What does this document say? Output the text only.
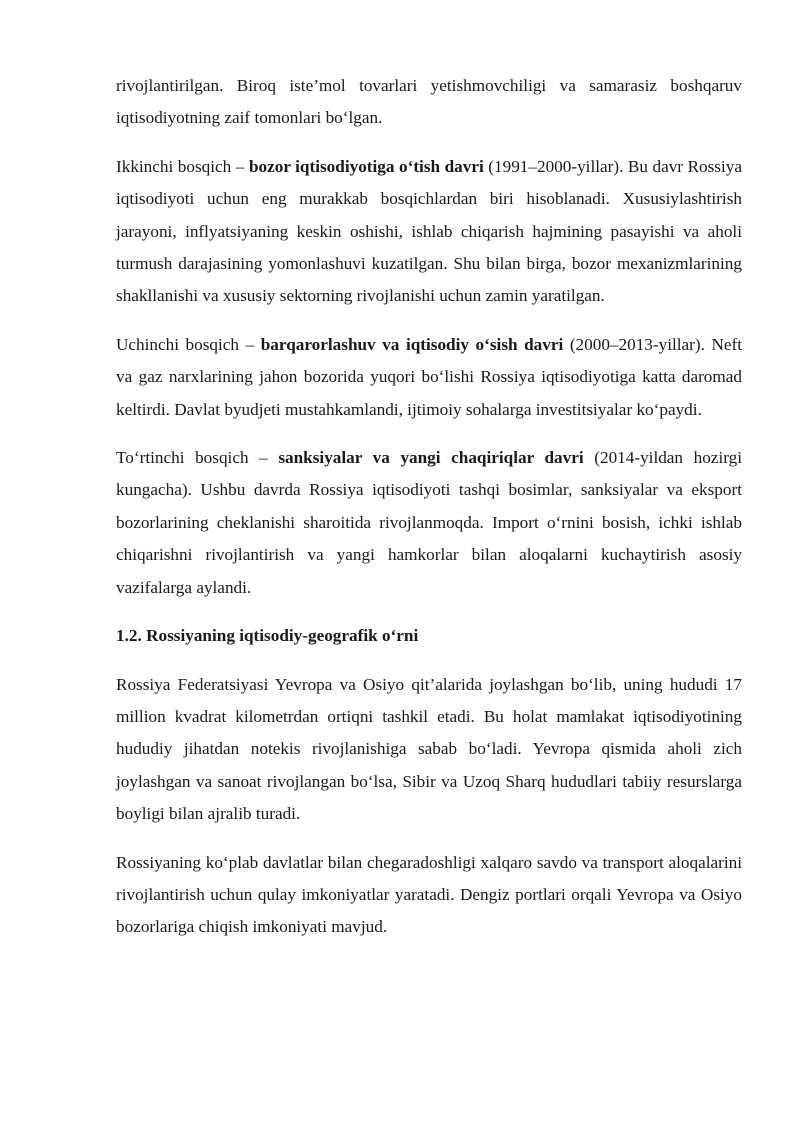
rivojlantirilgan. Biroq iste’mol tovarlari yetishmovchiligi va samarasiz boshqaruv iqtisodiyotning zaif tomonlari bo‘lgan.

Ikkinchi bosqich – bozor iqtisodiyotiga o‘tish davri (1991–2000-yillar). Bu davr Rossiya iqtisodiyoti uchun eng murakkab bosqichlardan biri hisoblanadi. Xususiylashtirish jarayoni, inflyatsiyaning keskin oshishi, ishlab chiqarish hajmining pasayishi va aholi turmush darajasining yomonlashuvi kuzatilgan. Shu bilan birga, bozor mexanizmlarining shakllanishi va xususiy sektorning rivojlanishi uchun zamin yaratilgan.

Uchinchi bosqich – barqarorlashuv va iqtisodiy o‘sish davri (2000–2013-yillar). Neft va gaz narxlarining jahon bozorida yuqori bo‘lishi Rossiya iqtisodiyotiga katta daromad keltirdi. Davlat byudjeti mustahkamlandi, ijtimoiy sohalarga investitsiyalar ko‘paydi.

To‘rtinchi bosqich – sanksiyalar va yangi chaqiriqlar davri (2014-yildan hozirgi kungacha). Ushbu davrda Rossiya iqtisodiyoti tashqi bosimlar, sanksiyalar va eksport bozorlarining cheklanishi sharoitida rivojlanmoqda. Import o‘rnini bosish, ichki ishlab chiqarishni rivojlantirish va yangi hamkorlar bilan aloqalarni kuchaytirish asosiy vazifalarga aylandi.

1.2. Rossiyaning iqtisodiy-geografik o‘rni

Rossiya Federatsiyasi Yevropa va Osiyo qit’alarida joylashgan bo‘lib, uning hududi 17 million kvadrat kilometrdan ortiqni tashkil etadi. Bu holat mamlakat iqtisodiyotining hududiy jihatdan notekis rivojlanishiga sabab bo‘ladi. Yevropa qismida aholi zich joylashgan va sanoat rivojlangan bo‘lsa, Sibir va Uzoq Sharq hududlari tabiiy resurslarga boyligi bilan ajralib turadi.

Rossiyaning ko‘plab davlatlar bilan chegaradoshligi xalqaro savdo va transport aloqalarini rivojlantirish uchun qulay imkoniyatlar yaratadi. Dengiz portlari orqali Yevropa va Osiyo bozorlariga chiqish imkoniyati mavjud.
